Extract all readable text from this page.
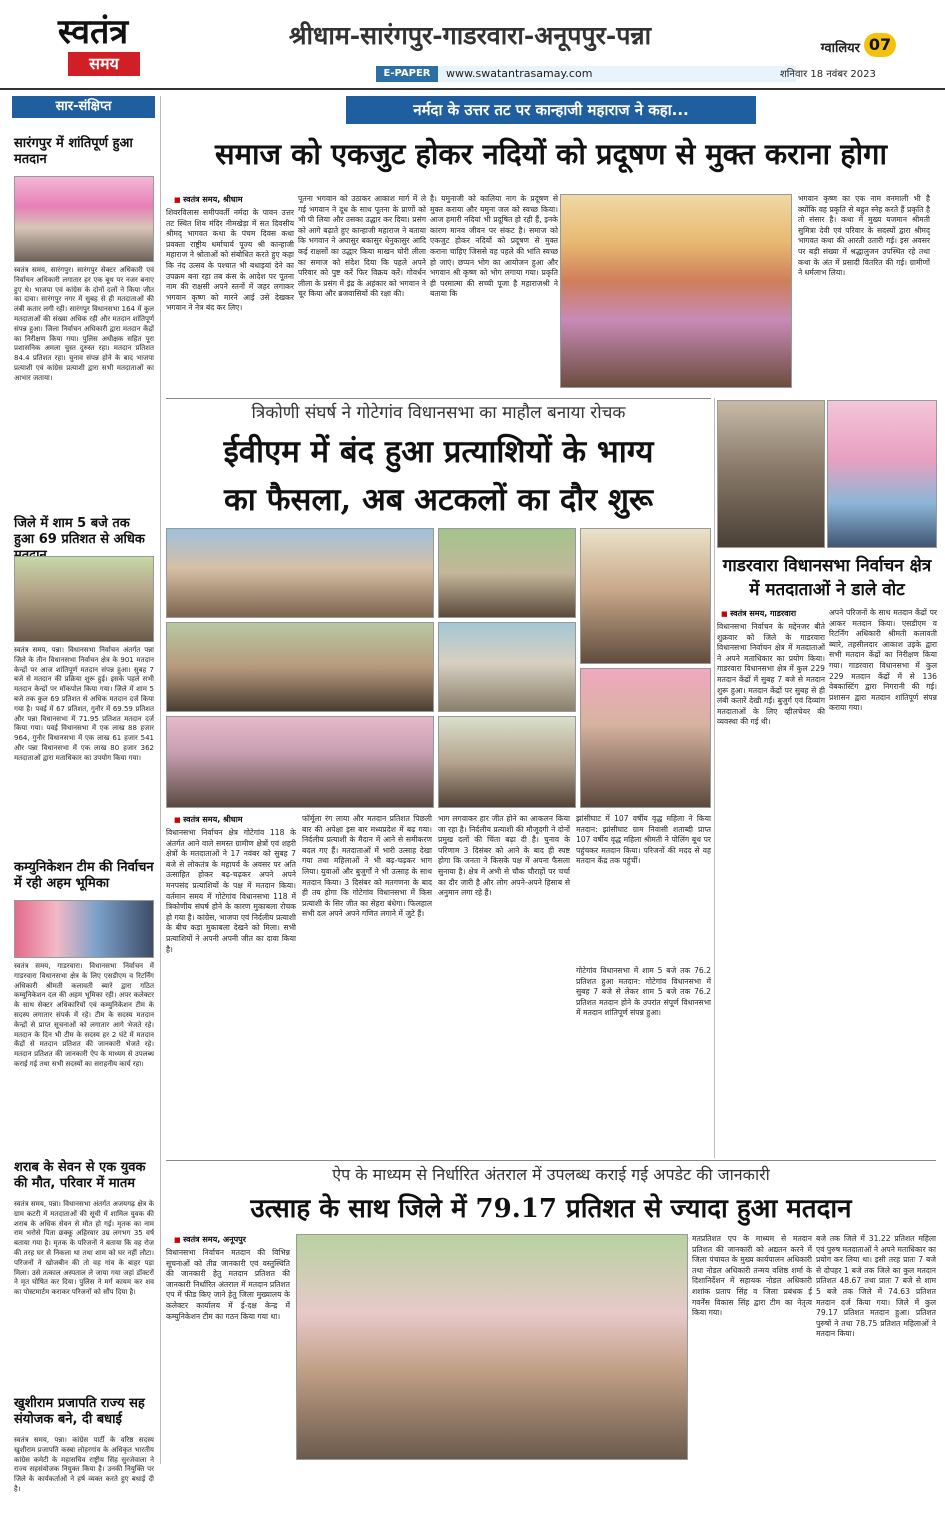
स्वतंत्र
समय
श्रीधाम-सारंगपुर-गाडरवारा-अनूपपुर-पन्ना
E-PAPER	www.swatantrasamay.com
ग्वालियर 07
शनिवार 18 नवंबर 2023
सार-संक्षिप्त
सारंगपुर में शांतिपूर्ण हुआ मतदान
स्वतंत्र समय, सारंगपुर। सारंगपुर सेक्टर अधिकारी एवं निर्वाचन अधिकारी लगातार हर एक बूथ पर नजर बनाए हुए थे। भाजपा एवं कांग्रेस के दोनों दलों ने किया जीत का दावा। सारंगपुर नगर में सुबह से ही मतदाताओं की लंबी कतार लगी रही। सारंगपुर विधानसभा 164 में कुल मतदाताओं की संख्या अधिक रही और मतदान शांतिपूर्ण संपन्न हुआ। जिला निर्वाचन अधिकारी द्वारा मतदान केंद्रों का निरीक्षण किया गया। पुलिस अधीक्षक सहित पूरा प्रशासनिक अमला चुस्त दुरुस्त रहा। मतदान प्रतिशत 84.4 प्रतिशत रहा। चुनाव संपन्न होने के बाद भाजपा प्रत्याशी एवं कांग्रेस प्रत्याशी द्वारा सभी मतदाताओं का आभार जताया।
जिले में शाम 5 बजे तक हुआ 69 प्रतिशत से अधिक
स्वतंत्र समय, पन्ना। विधानसभा निर्वाचन अंतर्गत पन्ना जिले के तीन विधानसभा निर्वाचन क्षेत्र के 901 मतदान केन्द्रों पर आज शांतिपूर्ण मतदान संपन्न हुआ। सुबह 7 बजे से मतदान की प्रक्रिया शुरू हुई। इसके पहले सभी मतदान केन्द्रों पर मॉकपोल किया गया। जिले में शाम 5 बजे तक कुल 69 प्रतिशत से अधिक मतदान दर्ज किया गया है। पवई में 67 प्रतिशत, गुनौर में 69.59 प्रतिशत और पन्ना विधानसभा में 71.95 प्रतिशत मतदान दर्ज किया गया। पवई विधानसभा में एक लाख 88 हजार 964, गुनौर विधानसभा में एक लाख 61 हजार 541 और पन्ना विधानसभा में एक लाख 80 हजार 362 मतदाताओं द्वारा मताधिकार का उपयोग किया गया।
कम्युनिकेशन टीम की निर्वाचन में रही अहम भूमिका
स्वतंत्र समय, गाडरवारा। विधानसभा निर्वाचन में गाडरवारा विधानसभा क्षेत्र के लिए एसडीएम व रिटर्निंग अधिकारी श्रीमती कलावती ब्यारे द्वारा गठित कम्युनिकेशन दल की अहम भूमिका रही। अपर कलेक्टर के साथ सेक्टर अधिकारियों एवं कम्युनिकेशन टीम के सदस्य लगातार संपर्क में रहे। टीम के सदस्य मतदान केन्द्रों से प्राप्त सूचनाओं को लगातार आगे भेजते रहे। मतदान के दिन भी टीम के सदस्य हर 2 घंटे में मतदान केंद्रों से मतदान प्रतिशत की जानकारी भेजते रहे। मतदान प्रतिशत की जानकारी ऐप के माध्यम से उपलब्ध कराई गई तथा सभी सदस्यों का सराहनीय कार्य रहा।
शराब के सेवन से एक युवक की मौत, परिवार में मातम
स्वतंत्र समय, पन्ना। विधानसभा अंतर्गत अजयगढ़ क्षेत्र के ग्राम कटरी में मतदाताओं की सूची में शामिल युवक की शराब के अधिक सेवन से मौत हो गई। मृतक का नाम राम भरोसे पिता छक्कू अहिरवार उम्र लगभग 35 वर्ष बताया गया है। मृतक के परिजनों ने बताया कि वह रोज की तरह घर से निकला था तथा शाम को घर नहीं लौटा। परिजनों ने खोजबीन की तो वह गांव के बाहर पड़ा मिला। उसे तत्काल अस्पताल ले जाया गया जहां डॉक्टरों ने मृत घोषित कर दिया। पुलिस ने मर्ग कायम कर शव का पोस्टमार्टम कराकर परिजनों को सौंप दिया है।
खुशीराम प्रजापति राज्य सह संयोजक बने, दी बधाई
स्वतंत्र समय, पन्ना। कांग्रेस पार्टी के वरिष्ठ सदस्य खुशीराम प्रजापति कस्बा लोहरगांव के अधिकृत भारतीय कांग्रेस कमेटी के महासचिव राष्ट्रीय सिंह सुरजेवाला ने राज्य सहसंयोजक नियुक्त किया है। उनकी नियुक्ति पर जिले के कार्यकर्ताओं ने हर्ष व्यक्त करते हुए बधाई दी है।
नर्मदा के उत्तर तट पर कान्हाजी महाराज ने कहा...
समाज को एकजुट होकर नदियों को प्रदूषण से मुक्त कराना होगा
■ स्वतंत्र समय, श्रीधाम
शिवरविलास समीपवर्ती नर्मदा के पावन उत्तर तट स्थित शिव मंदिर नीमखेड़ा में सत दिवसीय श्रीमद् भागवत कथा के पंचम दिवस कथा प्रवक्ता राष्ट्रीय धर्माचार्य पूज्य श्री कान्हाजी महाराज ने श्रोताओं को संबोधित करते हुए कहा कि नंद उत्सव के पश्चात भी बधाइयां देने का उपक्रम बना रहा तब कंस के आदेश पर पूतना नाम की राक्षसी अपने स्तनों में जहर लगाकर भगवान कृष्ण को मारने आई उसे देखकर भगवान ने नेत्र बंद कर लिए।
पूतना भगवान को उठाकर आकाश मार्ग में ले गई भगवान ने दूध के साथ पूतना के प्राणों को भी पी लिया और उसका उद्धार कर दिया। प्रसंग को आगे बढ़ाते हुए कान्हाजी महाराज ने बताया कि भगवान ने अघासुर बकासुर धेनुकासुर आदि कई राक्षसों का उद्धार किया माखन चोरी लीला का समाज को संदेश दिया कि पहले अपने परिवार को पुष्ट करें फिर विक्रय करें। गोवर्धन लीला के प्रसंग में इंद्र के अहंकार को भगवान ने चूर किया और ब्रजवासियों की रक्षा की।
है। यमुनाजी को कालिया नाग के प्रदूषण से मुक्त कराया और यमुना जल को स्वच्छ किया। आज हमारी नदियां भी प्रदूषित हो रही हैं, इनके कारण मानव जीवन पर संकट है। समाज को एकजुट होकर नदियों को प्रदूषण से मुक्त कराना चाहिए जिससे वह पहले की भांति स्वच्छ हो जाएं। छप्पन भोग का आयोजन हुआ और भगवान श्री कृष्ण को भोग लगाया गया। प्रकृति ही परमात्मा की सच्ची पूजा है महाराजश्री ने बताया कि
भगवान कृष्ण का एक नाम वनमाली भी है क्योंकि वह प्रकृति से बहुत स्नेह करते हैं प्रकृति है तो संसार है। कथा में मुख्य यजमान श्रीमती सुमित्रा देवी एवं परिवार के सदस्यों द्वारा श्रीमद् भागवत कथा की आरती उतारी गई। इस अवसर पर बड़ी संख्या में श्रद्धालुजन उपस्थित रहे तथा कथा के अंत में प्रसादी वितरित की गई। ग्रामीणों ने धर्मलाभ लिया।
त्रिकोणी संघर्ष ने गोटेगांव विधानसभा का माहौल बनाया रोचक
ईवीएम में बंद हुआ प्रत्याशियों के भाग्य
का फैसला, अब अटकलों का दौर शुरू
■ स्वतंत्र समय, श्रीधाम
विधानसभा निर्वाचन क्षेत्र गोटेगांव 118 के अंतर्गत आने वाले समस्त ग्रामीण क्षेत्रों एवं शहरी क्षेत्रों के मतदाताओं ने 17 नवंबर को सुबह 7 बजे से लोकतंत्र के महापर्व के अवसर पर अति उत्साहित होकर बढ़-चढ़कर अपने अपने मनपसंद प्रत्याशियों के पक्ष में मतदान किया। वर्तमान समय में गोटेगांव विधानसभा 118 में त्रिकोणीय संघर्ष होने के कारण मुकाबला रोचक हो गया है। कांग्रेस, भाजपा एवं निर्दलीय प्रत्याशी के बीच कड़ा मुकाबला देखने को मिला। सभी प्रत्याशियों ने अपनी अपनी जीत का दावा किया है।
फॉर्मूला रंग लाया और मतदान प्रतिशत पिछली बार की अपेक्षा इस बार मध्यप्रदेश में बढ़ गया। निर्दलीय प्रत्याशी के मैदान में आने से समीकरण बदल गए हैं। मतदाताओं में भारी उत्साह देखा गया तथा महिलाओं ने भी बढ़-चढ़कर भाग लिया। युवाओं और बुजुर्गों ने भी उत्साह के साथ मतदान किया। 3 दिसंबर को मतगणना के बाद ही तय होगा कि गोटेगांव विधानसभा में किस प्रत्याशी के सिर जीत का सेहरा बंधेगा। फिलहाल सभी दल अपने अपने गणित लगाने में जुटे हैं।
भाग लगवाकर हार जीत होने का आकलन किया जा रहा है। निर्दलीय प्रत्याशी की मौजूदगी ने दोनों प्रमुख दलों की चिंता बढ़ा दी है। चुनाव के परिणाम 3 दिसंबर को आने के बाद ही स्पष्ट होगा कि जनता ने किसके पक्ष में अपना फैसला सुनाया है। क्षेत्र में अभी से चौक चौराहों पर चर्चा का दौर जारी है और लोग अपने-अपने हिसाब से अनुमान लगा रहे हैं।
झांसीघाट में 107 वर्षीय वृद्ध महिला ने किया मतदान: झांसीघाट ग्राम निवासी शताब्दी प्राप्त 107 वर्षीय वृद्ध महिला श्रीमती ने पोलिंग बूथ पर पहुंचकर मतदान किया। परिजनों की मदद से वह मतदान केंद्र तक पहुंचीं।
गोटेगांव विधानसभा में शाम 5 बजे तक 76.2 प्रतिशत हुआ मतदान: गोटेगांव विधानसभा में सुबह 7 बजे से लेकर शाम 5 बजे तक 76.2 प्रतिशत मतदान होने के उपरांत संपूर्ण विधानसभा में मतदान शांतिपूर्ण संपन्न हुआ।
गाडरवारा विधानसभा निर्वाचन क्षेत्र में मतदाताओं ने डाले वोट
■ स्वतंत्र समय, गाडरवारा
विधानसभा निर्वाचन के मद्देनजर बीते शुक्रवार को जिले के गाडरवारा विधानसभा निर्वाचन क्षेत्र में मतदाताओं ने अपने मताधिकार का प्रयोग किया। गाडरवारा विधानसभा क्षेत्र में कुल 229 मतदान केंद्रों में सुबह 7 बजे से मतदान शुरू हुआ। मतदान केंद्रों पर सुबह से ही लंबी कतारें देखी गईं। बुजुर्ग एवं दिव्यांग मतदाताओं के लिए व्हीलचेयर की व्यवस्था की गई थी।
अपने परिजनों के साथ मतदान केंद्रों पर आकर मतदान किया। एसडीएम व रिटर्निंग अधिकारी श्रीमती कलावती ब्यारे, तहसीलदार आकाश उइके द्वारा सभी मतदान केंद्रों का निरीक्षण किया गया। गाडरवारा विधानसभा में कुल 229 मतदान केंद्रों में से 136 वेबकास्टिंग द्वारा निगरानी की गई। प्रशासन द्वारा मतदान शांतिपूर्ण संपन्न कराया गया।
ऐप के माध्यम से निर्धारित अंतराल में उपलब्ध कराई गई अपडेट की जानकारी
उत्साह के साथ जिले में 79.17 प्रतिशत से ज्यादा हुआ मतदान
■ स्वतंत्र समय, अनूपपुर
विधानसभा निर्वाचन मतदान की विभिन्न सूचनाओं को तीव्र जानकारी एवं वस्तुस्थिति की जानकारी हेतु मतदान प्रतिशत की जानकारी निर्धारित अंतराल में मतदान प्रतिशत एप में फीड किए जाने हेतु जिला मुख्यालय के कलेक्टर कार्यालय में ई-दक्ष केन्द्र में कम्युनिकेशन टीम का गठन किया गया था।
मतप्रतिशत एप के माध्यम से मतदान प्रतिशत की जानकारी को अद्यतन करने में जिला पंचायत के मुख्य कार्यपालन अधिकारी तथा नोडल अधिकारी तन्मय वशिष्ठ शर्मा के दिशानिर्देशन में सहायक नोडल अधिकारी शशांक प्रताप सिंह व जिला प्रबंधक ई गवर्नेंस विकास सिंह द्वारा टीम का नेतृत्व किया गया।
बजे तक जिले में 31.22 प्रतिशत महिला एवं पुरुष मतदाताओं ने अपने मताधिकार का प्रयोग कर लिया था। इसी तरह प्रातः 7 बजे से दोपहर 1 बजे तक जिले का कुल मतदान प्रतिशत 48.67 तथा प्रातः 7 बजे से शाम 5 बजे तक जिले में 74.63 प्रतिशत मतदान दर्ज किया गया। जिले में कुल 79.17 प्रतिशत मतदान हुआ। प्रतिशत पुरुषों ने तथा 78.75 प्रतिशत महिलाओं ने मतदान किया।
